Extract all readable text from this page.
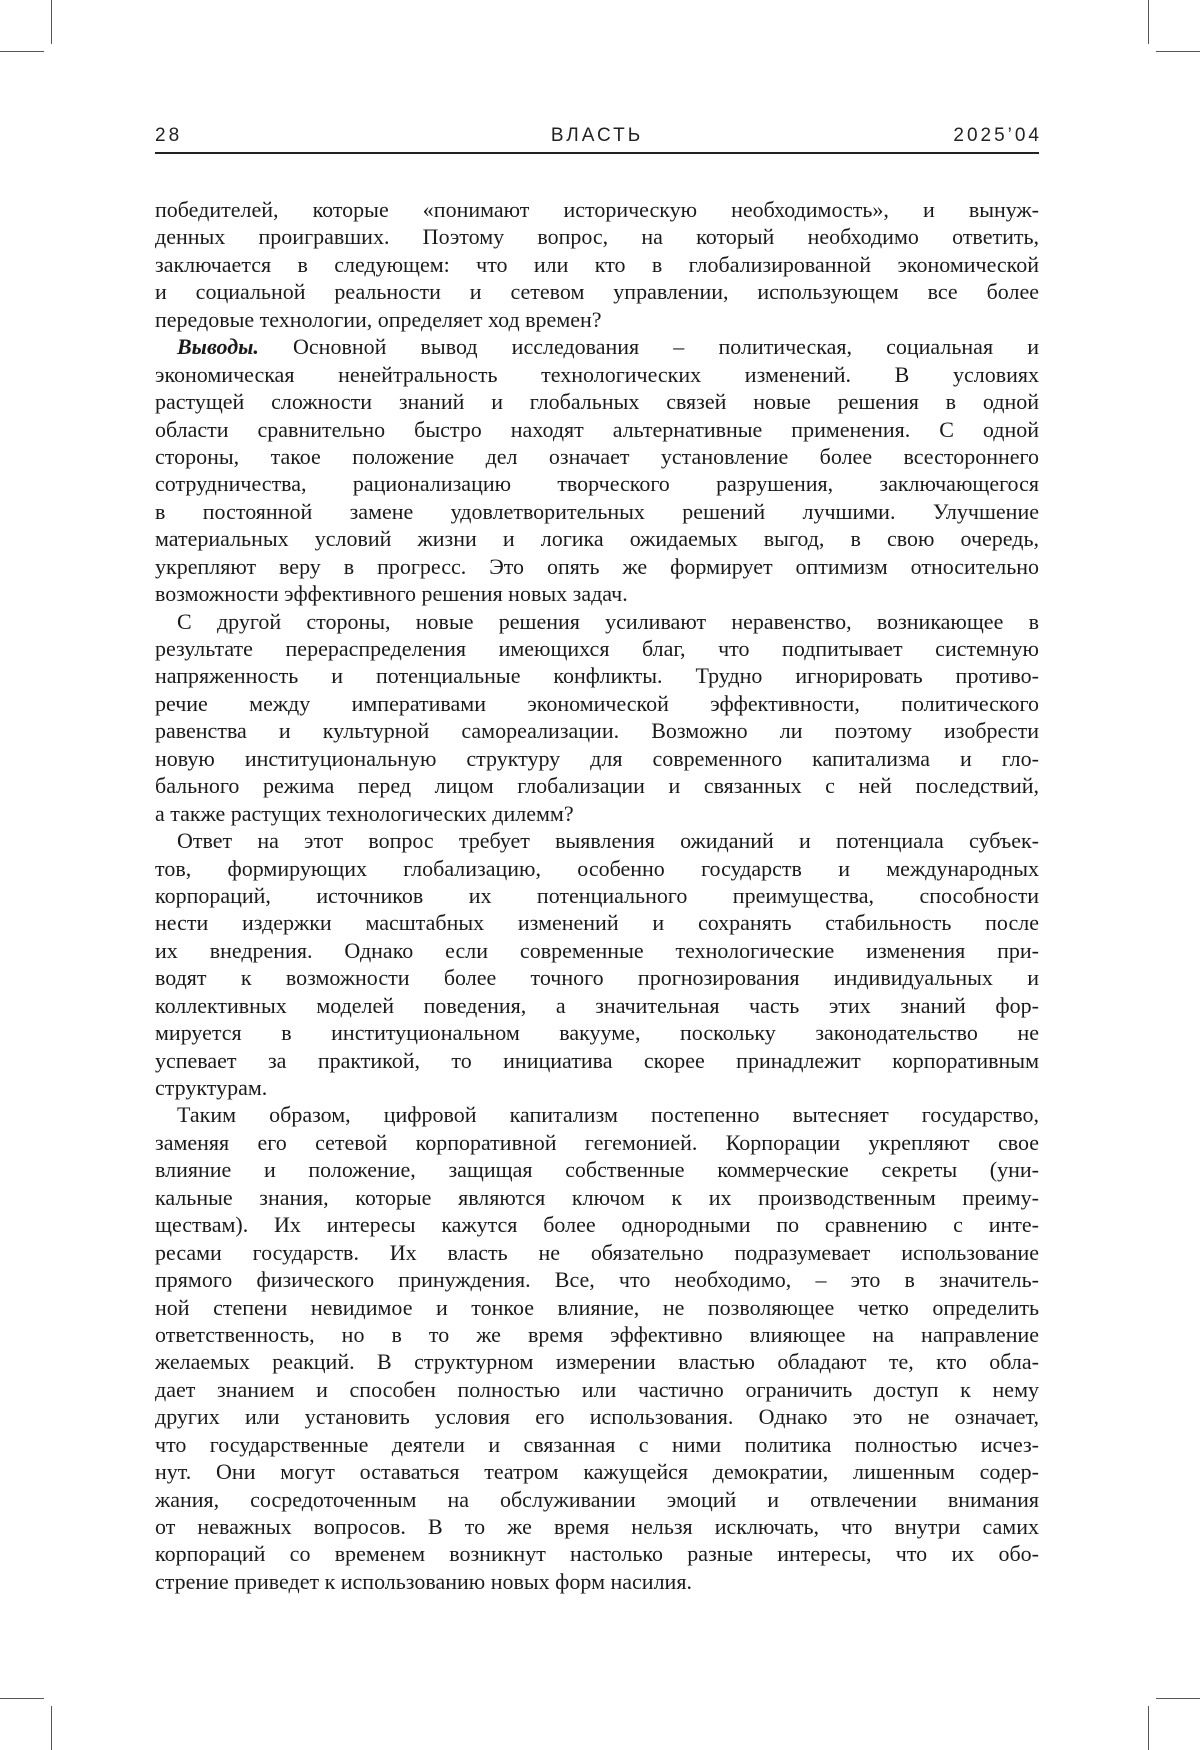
28	ВЛАСТЬ	2025’04
победителей, которые «понимают историческую необходимость», и вынуж-
денных проигравших. Поэтому вопрос, на который необходимо ответить,
заключается в следующем: что или кто в глобализированной экономической
и социальной реальности и сетевом управлении, использующем все более
передовые технологии, определяет ход времен?
Выводы. Основной вывод исследования – политическая, социальная и
экономическая ненейтральность технологических изменений. В условиях
растущей сложности знаний и глобальных связей новые решения в одной
области сравнительно быстро находят альтернативные применения. С одной
стороны, такое положение дел означает установление более всестороннего
сотрудничества, рационализацию творческого разрушения, заключающегося
в постоянной замене удовлетворительных решений лучшими. Улучшение
материальных условий жизни и логика ожидаемых выгод, в свою очередь,
укрепляют веру в прогресс. Это опять же формирует оптимизм относительно
возможности эффективного решения новых задач.
С другой стороны, новые решения усиливают неравенство, возникающее в
результате перераспределения имеющихся благ, что подпитывает системную
напряженность и потенциальные конфликты. Трудно игнорировать противо-
речие между императивами экономической эффективности, политического
равенства и культурной самореализации. Возможно ли поэтому изобрести
новую институциональную структуру для современного капитализма и гло-
бального режима перед лицом глобализации и связанных с ней последствий,
а также растущих технологических дилемм?
Ответ на этот вопрос требует выявления ожиданий и потенциала субъек-
тов, формирующих глобализацию, особенно государств и международных
корпораций, источников их потенциального преимущества, способности
нести издержки масштабных изменений и сохранять стабильность после
их внедрения. Однако если современные технологические изменения при-
водят к возможности более точного прогнозирования индивидуальных и
коллективных моделей поведения, а значительная часть этих знаний фор-
мируется в институциональном вакууме, поскольку законодательство не
успевает за практикой, то инициатива скорее принадлежит корпоративным
структурам.
Таким образом, цифровой капитализм постепенно вытесняет государство,
заменяя его сетевой корпоративной гегемонией. Корпорации укрепляют свое
влияние и положение, защищая собственные коммерческие секреты (уни-
кальные знания, которые являются ключом к их производственным преиму-
ществам). Их интересы кажутся более однородными по сравнению с инте-
ресами государств. Их власть не обязательно подразумевает использование
прямого физического принуждения. Все, что необходимо, – это в значитель-
ной степени невидимое и тонкое влияние, не позволяющее четко определить
ответственность, но в то же время эффективно влияющее на направление
желаемых реакций. В структурном измерении властью обладают те, кто обла-
дает знанием и способен полностью или частично ограничить доступ к нему
других или установить условия его использования. Однако это не означает,
что государственные деятели и связанная с ними политика полностью исчез-
нут. Они могут оставаться театром кажущейся демократии, лишенным содер-
жания, сосредоточенным на обслуживании эмоций и отвлечении внимания
от неважных вопросов. В то же время нельзя исключать, что внутри самих
корпораций со временем возникнут настолько разные интересы, что их обо-
стрение приведет к использованию новых форм насилия.
